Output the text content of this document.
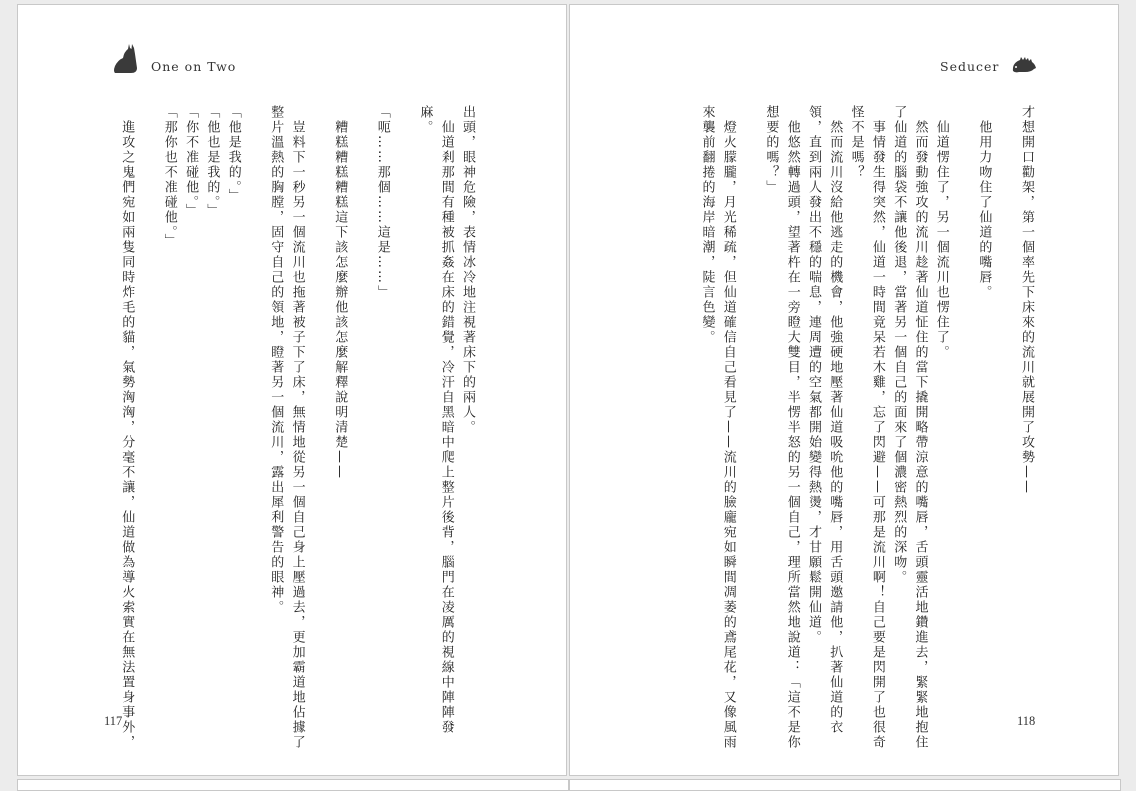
One on Two
出頭，眼神危險，表情冰冷地注視著床下的兩人。
　仙道剎那間有種被抓姦在床的錯覺，冷汗自黑暗中爬上整片後背，腦門在凌厲的視線中陣陣發
麻。
「呃……那個……這是……」
　糟糕糟糕糟糕這下該怎麼辦他該怎麼解釋說明清楚——
　豈料下一秒另一個流川也拖著被子下了床，無情地從另一個自己身上壓過去，更加霸道地佔據了
整片溫熱的胸膛，固守自己的領地，瞪著另一個流川，露出犀利警告的眼神。
「他是我的。」
「他也是我的。」
「你不准碰他。」
「那你也不准碰他。」
　進攻之鬼們宛如兩隻同時炸毛的貓，氣勢洶洶，分毫不讓，仙道做為導火索實在無法置身事外，
117
Seducer
才想開口勸架，第一個率先下床來的流川就展開了攻勢——
　他用力吻住了仙道的嘴唇。
　仙道愣住了，另一個流川也愣住了。
　然而發動強攻的流川趁著仙道怔住的當下撬開略帶涼意的嘴唇，舌頭靈活地鑽進去，緊緊地抱住
了仙道的腦袋不讓他後退，當著另一個自己的面來了個濃密熱烈的深吻。
　事情發生得突然，仙道一時間竟呆若木雞，忘了閃避——可那是流川啊！自己要是閃開了也很奇
怪不是嗎？
　然而流川沒給他逃走的機會，他強硬地壓著仙道吸吮他的嘴唇，用舌頭邀請他，扒著仙道的衣
領，直到兩人發出不穩的喘息，連周遭的空氣都開始變得熱燙，才甘願鬆開仙道。
　他悠然轉過頭，望著杵在一旁瞪大雙目，半愣半怒的另一個自己，理所當然地說道：「這不是你
想要的嗎？」
　燈火朦朧，月光稀疏，但仙道確信自己看見了——流川的臉龐宛如瞬間凋萎的鳶尾花，又像風雨
來襲前翻捲的海岸暗潮，陡言色變。
118
